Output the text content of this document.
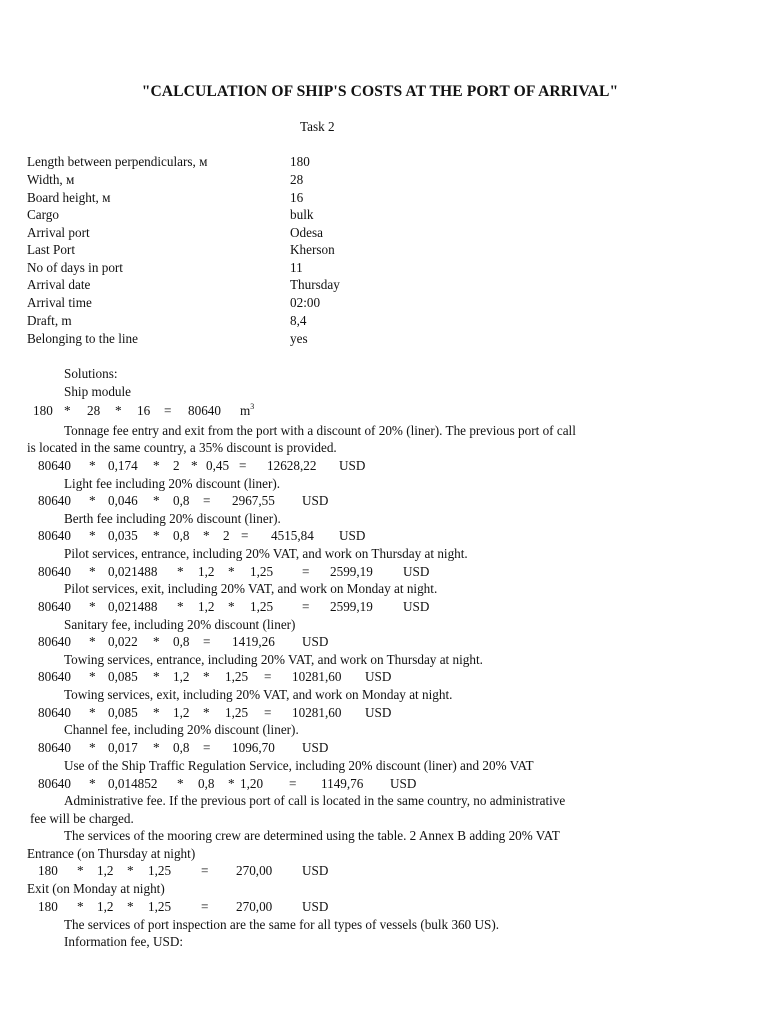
"CALCULATION OF SHIP'S COSTS AT THE PORT OF ARRIVAL"
Task 2
Length between perpendiculars, м	180
Width, м	28
Board height, м	16
Cargo	bulk
Arrival port	Odesa
Last Port	Kherson
No of days in port	11
Arrival date	Thursday
Arrival time	02:00
Draft, m	8,4
Belonging to the line	yes
Solutions:
Ship module
180 * 28 * 16 = 80640 $m^3$
Tonnage fee entry and exit from the port with a discount of 20% (liner). The previous port of call
is located in the same country, a 35% discount is provided.
80640 * 0,174 * 2 * 0,45 = 12628,22 USD
Light fee including 20% discount (liner).
80640 * 0,046 * 0,8 = 2967,55 USD
Berth fee including 20% discount (liner).
80640 * 0,035 * 0,8 * 2 = 4515,84 USD
Pilot services, entrance, including 20% VAT, and work on Thursday at night.
80640 * 0,021488 * 1,2 * 1,25 = 2599,19 USD
Pilot services, exit, including 20% VAT, and work on Monday at night.
80640 * 0,021488 * 1,2 * 1,25 = 2599,19 USD
Sanitary fee, including 20% discount (liner)
80640 * 0,022 * 0,8 = 1419,26 USD
Towing services, entrance, including 20% VAT, and work on Thursday at night.
80640 * 0,085 * 1,2 * 1,25 = 10281,60 USD
Towing services, exit, including 20% VAT, and work on Monday at night.
80640 * 0,085 * 1,2 * 1,25 = 10281,60 USD
Channel fee, including 20% discount (liner).
80640 * 0,017 * 0,8 = 1096,70 USD
Use of the Ship Traffic Regulation Service, including 20% discount (liner) and 20% VAT
80640 * 0,014852 * 0,8 * 1,20 = 1149,76 USD
Administrative fee. If the previous port of call is located in the same country, no administrative
fee will be charged.
The services of the mooring crew are determined using the table. 2 Annex B adding 20% VAT
Entrance (on Thursday at night)
180 * 1,2 * 1,25 = 270,00 USD
Exit (on Monday at night)
180 * 1,2 * 1,25 = 270,00 USD
The services of port inspection are the same for all types of vessels (bulk 360 US).
Information fee, USD:
